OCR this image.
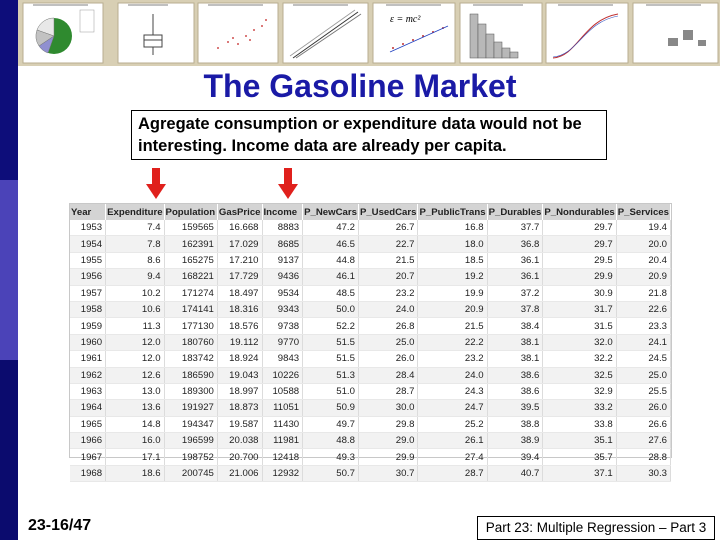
ε = mc²
The Gasoline Market
Agregate consumption or expenditure data would not be interesting. Income data are already per capita.
Year	Expenditure	Population	GasPrice	Income	P_NewCars	P_UsedCars	P_PublicTrans	P_Durables	P_Nondurables	P_Services
1953	7.4	159565	16.668	8883	47.2	26.7	16.8	37.7	29.7	19.4
1954	7.8	162391	17.029	8685	46.5	22.7	18.0	36.8	29.7	20.0
1955	8.6	165275	17.210	9137	44.8	21.5	18.5	36.1	29.5	20.4
1956	9.4	168221	17.729	9436	46.1	20.7	19.2	36.1	29.9	20.9
1957	10.2	171274	18.497	9534	48.5	23.2	19.9	37.2	30.9	21.8
1958	10.6	174141	18.316	9343	50.0	24.0	20.9	37.8	31.7	22.6
1959	11.3	177130	18.576	9738	52.2	26.8	21.5	38.4	31.5	23.3
1960	12.0	180760	19.112	9770	51.5	25.0	22.2	38.1	32.0	24.1
1961	12.0	183742	18.924	9843	51.5	26.0	23.2	38.1	32.2	24.5
1962	12.6	186590	19.043	10226	51.3	28.4	24.0	38.6	32.5	25.0
1963	13.0	189300	18.997	10588	51.0	28.7	24.3	38.6	32.9	25.5
1964	13.6	191927	18.873	11051	50.9	30.0	24.7	39.5	33.2	26.0
1965	14.8	194347	19.587	11430	49.7	29.8	25.2	38.8	33.8	26.6
1966	16.0	196599	20.038	11981	48.8	29.0	26.1	38.9	35.1	27.6
1967	17.1	198752	20.700	12418	49.3	29.9	27.4	39.4	35.7	28.8
1968	18.6	200745	21.006	12932	50.7	30.7	28.7	40.7	37.1	30.3
23-16/47	Part 23: Multiple Regression – Part 3
